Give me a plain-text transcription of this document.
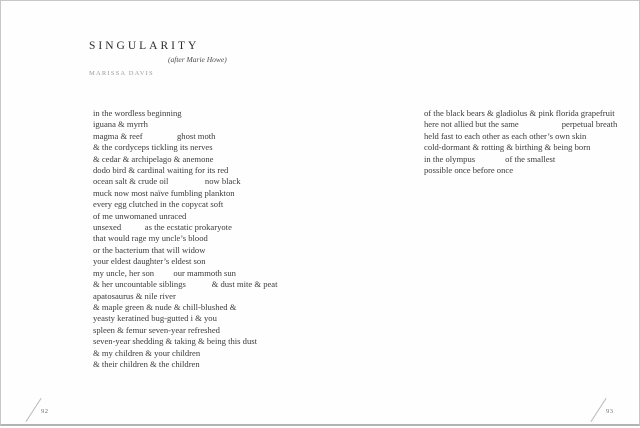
SINGULARITY
(after Marie Howe)
MARISSA DAVIS
in the wordless beginning
iguana & myrrh
magma & reef                ghost moth
& the cordyceps tickling its nerves
& cedar & archipelago & anemone
dodo bird & cardinal waiting for its red
ocean salt & crude oil                 now black
muck now most naïve fumbling plankton
every egg clutched in the copycat soft
of me unwomaned unraced
unsexed           as the ecstatic prokaryote
that would rage my uncle’s blood
or the bacterium that will widow
your eldest daughter’s eldest son
my uncle, her son         our mammoth sun
& her uncountable siblings            & dust mite & peat
apatosaurus & nile river
& maple green & nude & chill-blushed &
yeasty keratined bug-gutted i & you
spleen & femur seven-year refreshed
seven-year shedding & taking & being this dust
& my children & your children
& their children & the children
of the black bears & gladiolus & pink florida grapefruit
here not allied but the same                    perpetual breath
held fast to each other as each other’s own skin
cold-dormant & rotting & birthing & being born
in the olympus              of the smallest
possible once before once
92	93
